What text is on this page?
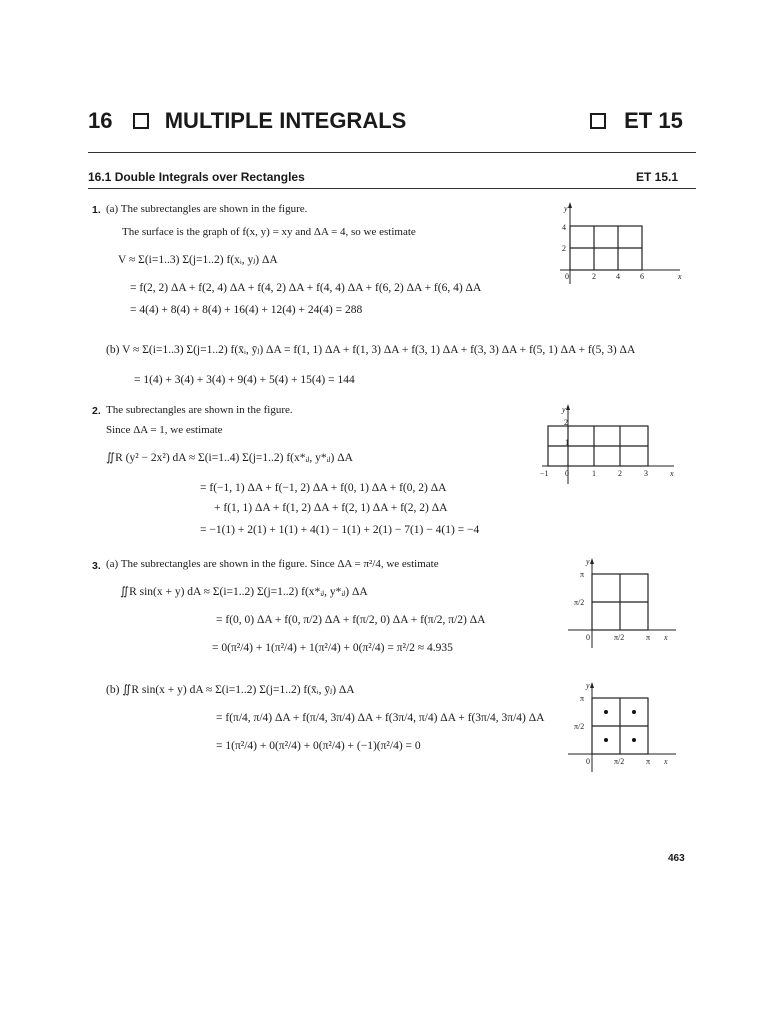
16 MULTIPLE INTEGRALS	ET 15
16.1 Double Integrals over Rectangles	ET 15.1
1. (a) The subrectangles are shown in the figure.
The surface is the graph of f(x, y) = xy and ΔA = 4, so we estimate
V ≈ Σ(i=1..3) Σ(j=1..2) f(xᵢ, yⱼ) ΔA
= f(2, 2) ΔA + f(2, 4) ΔA + f(4, 2) ΔA + f(4, 4) ΔA + f(6, 2) ΔA + f(6, 4) ΔA
= 4(4) + 8(4) + 8(4) + 16(4) + 12(4) + 24(4) = 288
(b) V ≈ Σ(i=1..3) Σ(j=1..2) f(x̄ᵢ, ȳⱼ) ΔA = f(1, 1) ΔA + f(1, 3) ΔA + f(3, 1) ΔA + f(3, 3) ΔA + f(5, 1) ΔA + f(5, 3) ΔA
= 1(4) + 3(4) + 3(4) + 9(4) + 5(4) + 15(4) = 144
y
4
2
0	2	4	6	x
2. The subrectangles are shown in the figure.
Since ΔA = 1, we estimate
∬R (y² − 2x²) dA ≈ Σ(i=1..4) Σ(j=1..2) f(x*ᵢⱼ, y*ᵢⱼ) ΔA
= f(−1, 1) ΔA + f(−1, 2) ΔA + f(0, 1) ΔA + f(0, 2) ΔA
+ f(1, 1) ΔA + f(1, 2) ΔA + f(2, 1) ΔA + f(2, 2) ΔA
= −1(1) + 2(1) + 1(1) + 4(1) − 1(1) + 2(1) − 7(1) − 4(1) = −4
y
2
1
−1 0	1	2	3	x
3. (a) The subrectangles are shown in the figure. Since ΔA = π²/4, we estimate
∬R sin(x + y) dA ≈ Σ(i=1..2) Σ(j=1..2) f(x*ᵢⱼ, y*ᵢⱼ) ΔA
= f(0, 0) ΔA + f(0, π/2) ΔA + f(π/2, 0) ΔA + f(π/2, π/2) ΔA
= 0(π²/4) + 1(π²/4) + 1(π²/4) + 0(π²/4) = π²/2 ≈ 4.935
(b) ∬R sin(x + y) dA ≈ Σ(i=1..2) Σ(j=1..2) f(x̄ᵢ, ȳⱼ) ΔA
= f(π/4, π/4) ΔA + f(π/4, 3π/4) ΔA + f(3π/4, π/4) ΔA + f(3π/4, 3π/4) ΔA
= 1(π²/4) + 0(π²/4) + 0(π²/4) + (−1)(π²/4) = 0
y
π
π/2
0	π/2	π x
y
π
π/2
0	π/2	π x
463
